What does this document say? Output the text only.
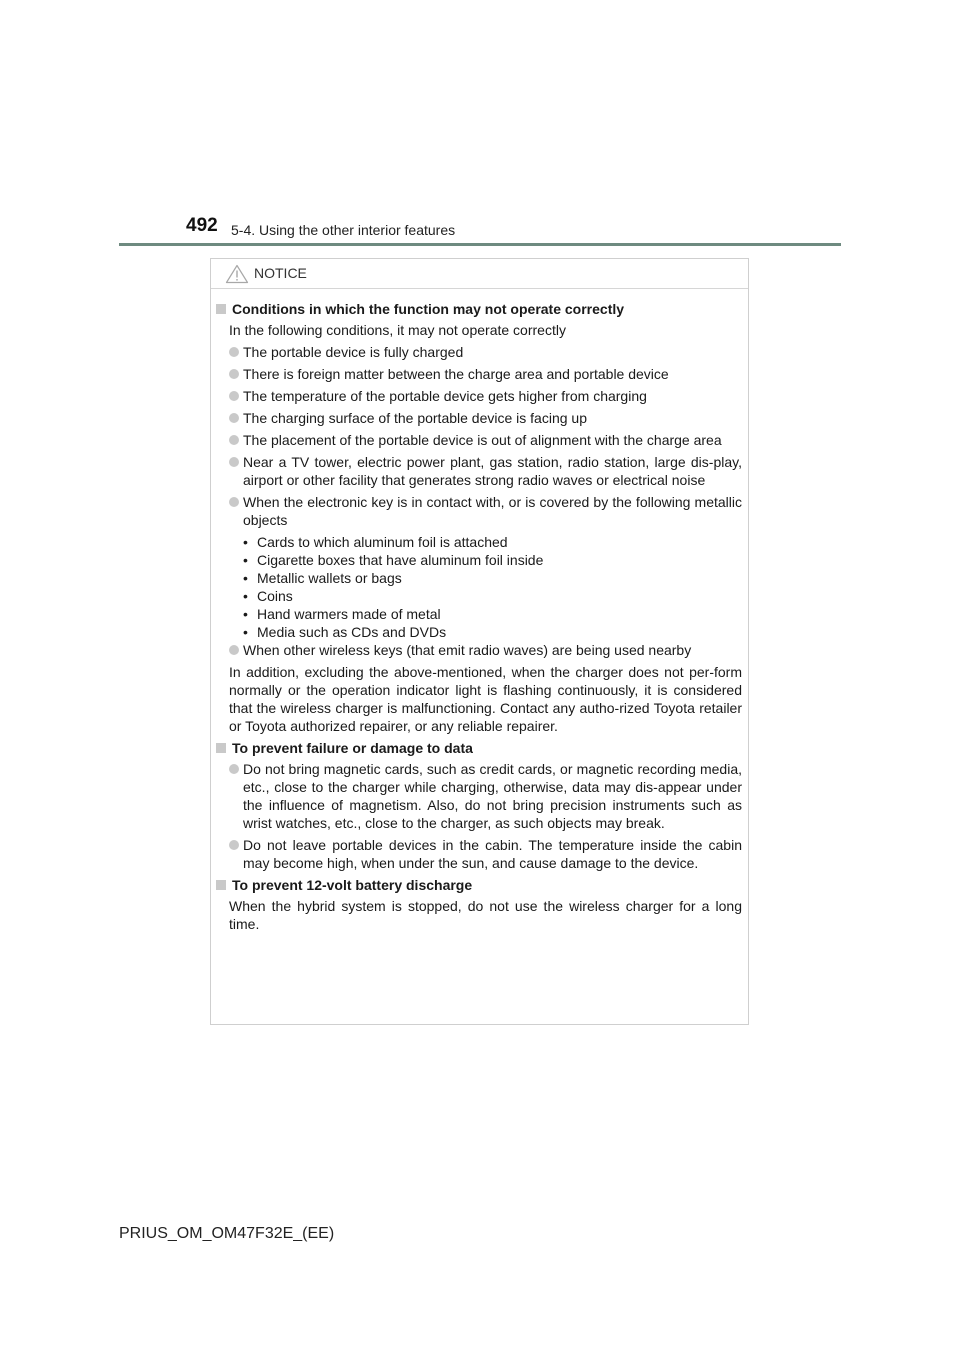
492 5-4. Using the other interior features
NOTICE
Conditions in which the function may not operate correctly
In the following conditions, it may not operate correctly
The portable device is fully charged
There is foreign matter between the charge area and portable device
The temperature of the portable device gets higher from charging
The charging surface of the portable device is facing up
The placement of the portable device is out of alignment with the charge area
Near a TV tower, electric power plant, gas station, radio station, large dis-play, airport or other facility that generates strong radio waves or electrical noise
When the electronic key is in contact with, or is covered by the following metallic objects
• Cards to which aluminum foil is attached
• Cigarette boxes that have aluminum foil inside
• Metallic wallets or bags
• Coins
• Hand warmers made of metal
• Media such as CDs and DVDs
When other wireless keys (that emit radio waves) are being used nearby
In addition, excluding the above-mentioned, when the charger does not per-form normally or the operation indicator light is flashing continuously, it is considered that the wireless charger is malfunctioning. Contact any autho-rized Toyota retailer or Toyota authorized repairer, or any reliable repairer.
To prevent failure or damage to data
Do not bring magnetic cards, such as credit cards, or magnetic recording media, etc., close to the charger while charging, otherwise, data may dis-appear under the influence of magnetism. Also, do not bring precision instruments such as wrist watches, etc., close to the charger, as such objects may break.
Do not leave portable devices in the cabin. The temperature inside the cabin may become high, when under the sun, and cause damage to the device.
To prevent 12-volt battery discharge
When the hybrid system is stopped, do not use the wireless charger for a long time.
PRIUS_OM_OM47F32E_(EE)
